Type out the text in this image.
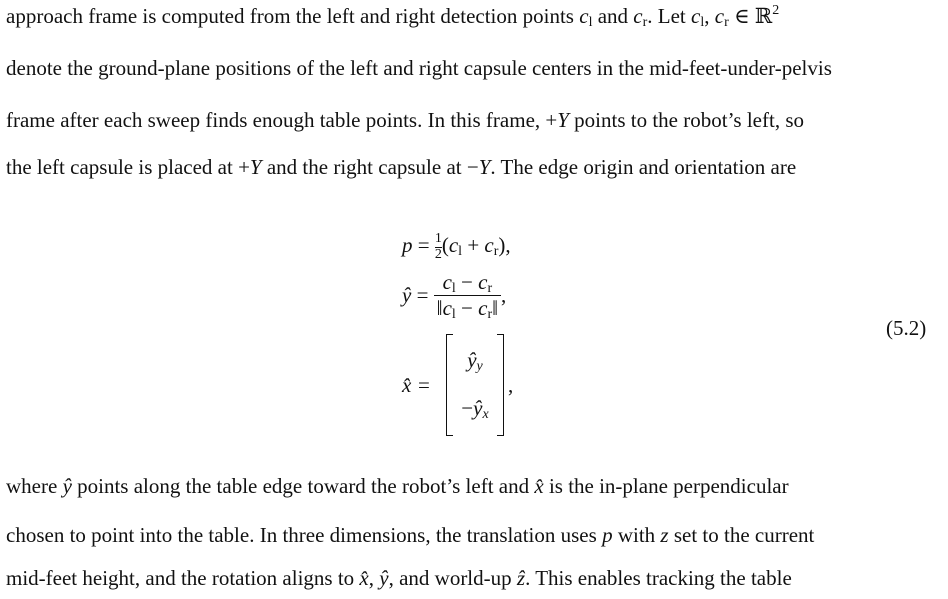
approach frame is computed from the left and right detection points $c_l$ and $c_r$. Let $c_l$, $c_r$ ∈ ℝ$^2$
denote the ground-plane positions of the left and right capsule centers in the mid-feet-under-pelvis
frame after each sweep finds enough table points. In this frame, +Y points to the robot’s left, so
the left capsule is placed at +Y and the right capsule at −Y. The edge origin and orientation are
$p = \frac{1}{2} (c_l + c_r)$,
ŷ = $\frac{c_l - c_r}{‖c_l - c_r‖}$ ,
x̂ =
$ŷ_y$
$-ŷ_x$
,
(5.2)
where ŷ points along the table edge toward the robot’s left and x̂ is the in-plane perpendicular
chosen to point into the table. In three dimensions, the translation uses p with z set to the current
mid-feet height, and the rotation aligns to x̂, ŷ, and world-up ẑ. This enables tracking the table
